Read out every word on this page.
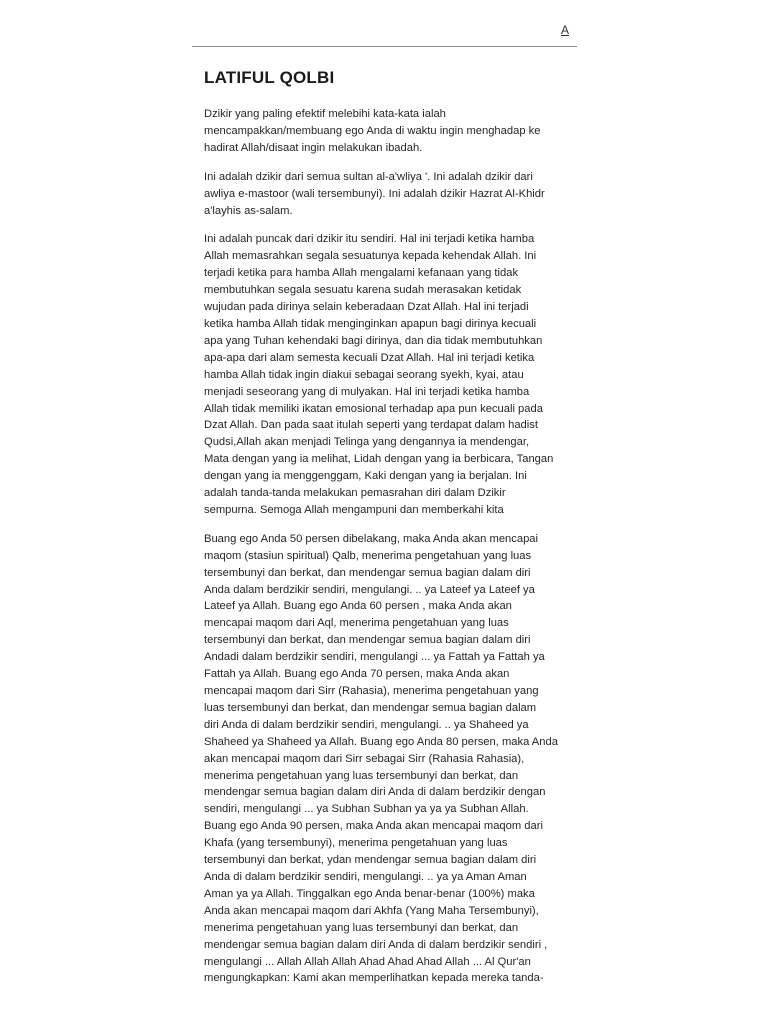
A
LATIFUL QOLBI

Dzikir yang paling efektif melebihi kata-kata ialah
mencampakkan/membuang ego Anda di waktu ingin menghadap ke
hadirat Allah/disaat ingin melakukan ibadah.

Ini adalah dzikir dari semua sultan al-a'wliya '. Ini adalah dzikir dari
awliya e-mastoor (wali tersembunyi). Ini adalah dzikir Hazrat Al-Khidr
a'layhis as-salam.

Ini adalah puncak dari dzikir itu sendiri. Hal ini terjadi ketika hamba
Allah memasrahkan segala sesuatunya kepada kehendak Allah. Ini
terjadi ketika para hamba Allah mengalami kefanaan yang tidak
membutuhkan segala sesuatu karena sudah merasakan ketidak
wujudan pada dirinya selain keberadaan Dzat Allah. Hal ini terjadi
ketika hamba Allah tidak menginginkan apapun bagi dirinya kecuali
apa yang Tuhan kehendaki bagi dirinya, dan dia tidak membutuhkan
apa-apa dari alam semesta kecuali Dzat Allah. Hal ini terjadi ketika
hamba Allah tidak ingin diakui sebagai seorang syekh, kyai, atau
menjadi seseorang yang di mulyakan. Hal ini terjadi ketika hamba
Allah tidak memiliki ikatan emosional terhadap apa pun kecuali pada
Dzat Allah. Dan pada saat itulah seperti yang terdapat dalam hadist
Qudsi,Allah akan menjadi Telinga yang dengannya ia mendengar,
Mata dengan yang ia melihat, Lidah dengan yang ia berbicara, Tangan
dengan yang ia menggenggam, Kaki dengan yang ia berjalan. Ini
adalah tanda-tanda melakukan pemasrahan diri dalam Dzikir
sempurna. Semoga Allah mengampuni dan memberkahi kita

Buang ego Anda 50 persen dibelakang, maka Anda akan mencapai
maqom (stasiun spiritual) Qalb, menerima pengetahuan yang luas
tersembunyi dan berkat, dan mendengar semua bagian dalam diri
Anda dalam berdzikir sendiri, mengulangi. .. ya Lateef ya Lateef ya
Lateef ya Allah. Buang ego Anda 60 persen , maka Anda akan
mencapai maqom dari Aql, menerima pengetahuan yang luas
tersembunyi dan berkat, dan mendengar semua bagian dalam diri
Andadi dalam berdzikir sendiri, mengulangi ... ya Fattah ya Fattah ya
Fattah ya Allah. Buang ego Anda 70 persen, maka Anda akan
mencapai maqom dari Sirr (Rahasia), menerima pengetahuan yang
luas tersembunyi dan berkat, dan mendengar semua bagian dalam
diri Anda di dalam berdzikir sendiri, mengulangi. .. ya Shaheed ya
Shaheed ya Shaheed ya Allah. Buang ego Anda 80 persen, maka Anda
akan mencapai maqom dari Sirr sebagai Sirr (Rahasia Rahasia),
menerima pengetahuan yang luas tersembunyi dan berkat, dan
mendengar semua bagian dalam diri Anda di dalam berdzikir dengan
sendiri, mengulangi ... ya Subhan Subhan ya ya ya Subhan Allah.
Buang ego Anda 90 persen, maka Anda akan mencapai maqom dari
Khafa (yang tersembunyi), menerima pengetahuan yang luas
tersembunyi dan berkat, ydan mendengar semua bagian dalam diri
Anda di dalam berdzikir sendiri, mengulangi. .. ya ya Aman Aman
Aman ya ya Allah. Tinggalkan ego Anda benar-benar (100%) maka
Anda akan mencapai maqom dari Akhfa (Yang Maha Tersembunyi),
menerima pengetahuan yang luas tersembunyi dan berkat, dan
mendengar semua bagian dalam diri Anda di dalam berdzikir sendiri ,
mengulangi ... Allah Allah Allah Ahad Ahad Ahad Allah ... Al Qur'an
mengungkapkan: Kami akan memperlihatkan kepada mereka tanda-
